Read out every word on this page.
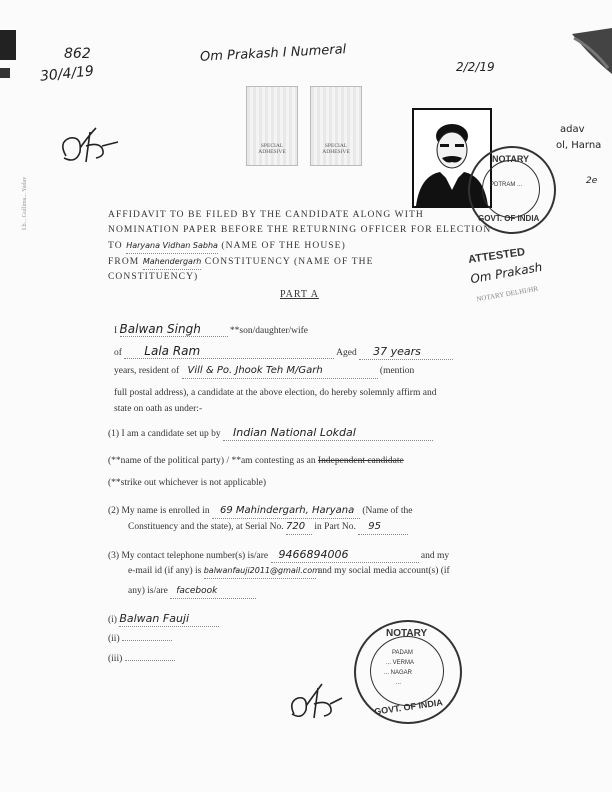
862
30/4/19
Om Prakash I Numeral
2/2/19
Lb... Gullima... Yadav
SPECIAL ADHESIVE
SPECIAL ADHESIVE
adav
ol, Harna
2e
NOTARY
PDTRAM ...
GOVT. OF INDIA
AFFIDAVIT TO BE FILED BY THE CANDIDATE ALONG WITH
NOMINATION PAPER BEFORE THE RETURNING OFFICER FOR ELECTION
TO Haryana Vidhan Sabha (NAME OF THE HOUSE)
FROM Mahendergarh CONSTITUENCY (NAME OF THE
CONSTITUENCY)
ATTESTED
Om Prakash
NOTARY DELHI/HR
PART A
I Balwan Singh	**son/daughter/wife
of Lala Ram	Aged 37 years
years, resident of Vill & Po. Jhook Teh M/Garh	(mention
full postal address), a candidate at the above election, do hereby solemnly affirm and
state on oath as under:-
(1) I am a candidate set up by Indian National Lokdal
(**name of the political party) / **am contesting as an Independent candidate
(**strike out whichever is not applicable)
(2) My name is enrolled in 69 Mahindergarh, Haryana (Name of the
Constituency and the state), at Serial No. 720 in Part No. 95
(3) My contact telephone number(s) is/are 9466894006	and my
e-mail id (if any) is balwanfauji2011@gmail.com and my social media account(s) (if
any) is/are facebook
(i) Balwan Fauji
(ii)
(iii)
NOTARY
PADAM
... VERMA
... NAGAR
...
GOVT. OF INDIA
